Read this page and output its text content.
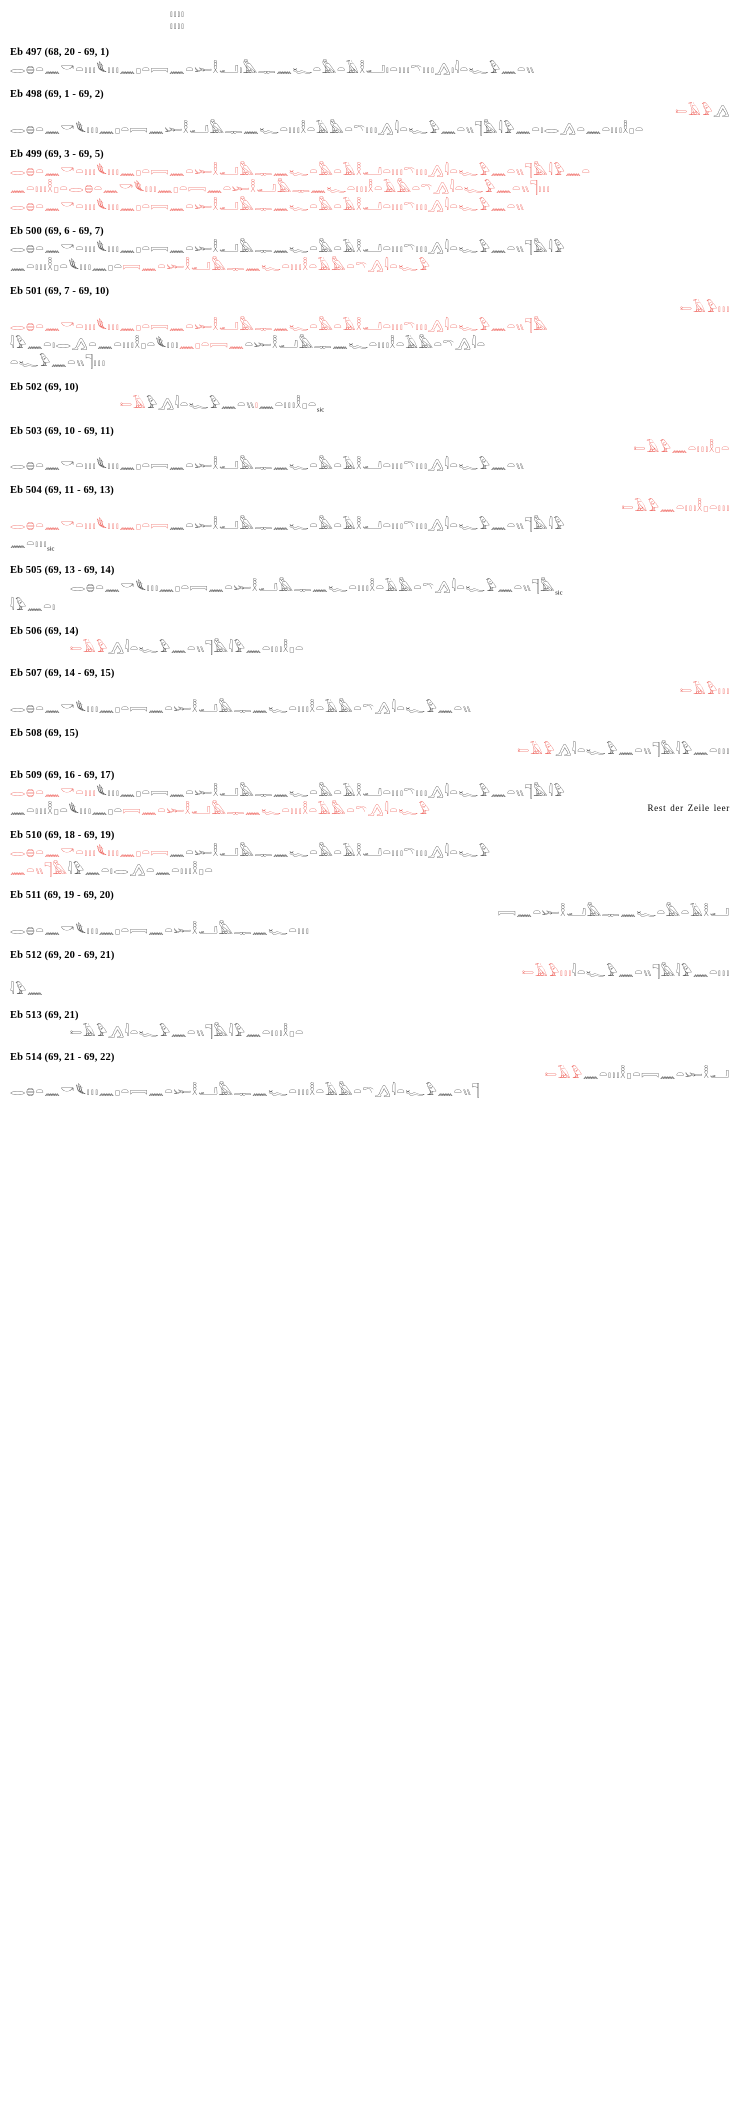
𓏤𓏤𓏤𓏤
𓏤𓏤𓏤𓏤
Eb 497 (68, 20 - 69, 1)
𓂋𓐍𓏏𓈖𓎡𓏏𓏥𓆰𓏥𓈖𓊪𓏏𓇯𓈖𓏏𓆱𓎛𓂝𓏤𓅓𓊃𓈖𓆑𓏏𓅓𓏏𓄿𓎛𓂝𓏤𓏏𓏥𓍼𓏥𓂻𓏤𓇋𓏏𓆑𓅱𓈖𓏏𓏭
Eb 498 (69, 1 - 69, 2)
𓍿𓄿𓅱𓂻
𓂋𓐍𓏏𓈖𓎡𓆰𓏥𓈖𓊪𓏏𓇯𓈖𓆱𓎛𓂝𓅓𓊃𓈖𓆑𓏏𓏥𓎛𓏏𓄿𓅓𓏏𓍼𓏥𓂻𓇋𓏏𓆑𓅱𓈖𓏏𓏭𓊹𓅓𓇋𓅱𓈖𓏏𓏤𓂋𓂻𓏏𓈖𓏏𓏥𓎛𓊪𓏏
Eb 499 (69, 3 - 69, 5)
𓂋𓐍𓏏𓈖𓎡𓏏𓏥𓆰𓏥𓈖𓊪𓏏𓇯𓈖𓏏𓆱𓎛𓂝𓅓𓊃𓈖𓆑𓏏𓅓𓏏𓄿𓎛𓂝𓏏𓏥𓍼𓏥𓂻𓇋𓏏𓆑𓅱𓈖𓏏𓏭𓊹𓅓𓇋𓅱𓈖𓏏
𓈖𓏏𓏥𓎛𓊪𓏏𓂋𓐍𓏏𓈖𓎡𓆰𓏥𓈖𓊪𓏏𓇯𓈖𓏏𓆱𓎛𓂝𓅓𓊃𓈖𓆑𓏏𓏥𓎛𓏏𓄿𓅓𓏏𓍼𓂻𓇋𓏏𓆑𓅱𓈖𓏏𓏭𓊹𓏥
𓂋𓐍𓏏𓈖𓎡𓏏𓏥𓆰𓏥𓈖𓊪𓏏𓇯𓈖𓏏𓆱𓎛𓂝𓅓𓊃𓈖𓆑𓏏𓅓𓏏𓄿𓎛𓂝𓏏𓏥𓍼𓏥𓂻𓇋𓏏𓆑𓅱𓈖𓏏𓏭
Eb 500 (69, 6 - 69, 7)
𓂋𓐍𓏏𓈖𓎡𓏏𓏥𓆰𓏥𓈖𓊪𓏏𓇯𓈖𓏏𓆱𓎛𓂝𓅓𓊃𓈖𓆑𓏏𓅓𓏏𓄿𓎛𓂝𓏏𓏥𓍼𓏥𓂻𓇋𓏏𓆑𓅱𓈖𓏏𓏭𓊹𓅓𓇋𓅱
𓈖𓏏𓏥𓎛𓊪𓏏𓆰𓏥𓈖𓊪𓏏𓇯𓈖𓏏𓆱𓎛𓂝𓅓𓊃𓈖𓆑𓏏𓏥𓎛𓏏𓄿𓅓𓏏𓍼𓂻𓇋𓏏𓆑𓅱
Eb 501 (69, 7 - 69, 10)
𓍿𓄿𓅱𓏥
𓂋𓐍𓏏𓈖𓎡𓏏𓏥𓆰𓏥𓈖𓊪𓏏𓇯𓈖𓏏𓆱𓎛𓂝𓅓𓊃𓈖𓆑𓏏𓅓𓏏𓄿𓎛𓂝𓏏𓏥𓍼𓏥𓂻𓇋𓏏𓆑𓅱𓈖𓏏𓏭𓊹𓅓
𓇋𓅱𓈖𓏏𓏤𓂋𓂻𓏏𓈖𓏏𓏥𓎛𓊪𓏏𓆰𓏥𓈖𓊪𓏏𓇯𓈖𓏏𓆱𓎛𓂝𓅓𓊃𓈖𓆑𓏏𓏥𓎛𓏏𓄿𓅓𓏏𓍼𓂻𓇋𓏏
𓏏𓆑𓅱𓈖𓏏𓏭𓊹𓏥
Eb 502 (69, 10)
𓍿𓄿𓅱𓂻𓇋𓏏𓆑𓅱𓈖𓏏𓏭𓏤𓈖𓏏𓏥𓎛𓊪𓏏$_{sic}$
Eb 503 (69, 10 - 69, 11)
𓍿𓄿𓅱𓈖𓏏𓏥𓎛𓊪𓏏
𓂋𓐍𓏏𓈖𓎡𓏏𓏥𓆰𓏥𓈖𓊪𓏏𓇯𓈖𓏏𓆱𓎛𓂝𓅓𓊃𓈖𓆑𓏏𓅓𓏏𓄿𓎛𓂝𓏏𓏥𓍼𓏥𓂻𓇋𓏏𓆑𓅱𓈖𓏏𓏭
Eb 504 (69, 11 - 69, 13)
𓍿𓄿𓅱𓈖𓏏𓏥𓎛𓊪𓏏𓏥
𓂋𓐍𓏏𓈖𓎡𓏏𓏥𓆰𓏥𓈖𓊪𓏏𓇯𓈖𓏏𓆱𓎛𓂝𓅓𓊃𓈖𓆑𓏏𓅓𓏏𓄿𓎛𓂝𓏏𓏥𓍼𓏥𓂻𓇋𓏏𓆑𓅱𓈖𓏏𓏭𓊹𓅓𓇋𓅱
𓈖𓏏𓏥$_{sic}$
Eb 505 (69, 13 - 69, 14)
𓂋𓐍𓏏𓈖𓎡𓆰𓏥𓈖𓊪𓏏𓇯𓈖𓏏𓆱𓎛𓂝𓅓𓊃𓈖𓆑𓏏𓏥𓎛𓏏𓄿𓅓𓏏𓍼𓂻𓇋𓏏𓆑𓅱𓈖𓏏𓏭𓊹𓅓$_{sic}$
𓇋𓅱𓈖𓏏𓏤
Eb 506 (69, 14)
𓍿𓄿𓅱𓂻𓇋𓏏𓆑𓅱𓈖𓏏𓏭𓊹𓅓𓇋𓅱𓈖𓏏𓏥𓎛𓊪𓏏
Eb 507 (69, 14 - 69, 15)
𓍿𓄿𓅱𓏥
𓂋𓐍𓏏𓈖𓎡𓆰𓏥𓈖𓊪𓏏𓇯𓈖𓏏𓆱𓎛𓂝𓅓𓊃𓈖𓆑𓏏𓏥𓎛𓏏𓄿𓅓𓏏𓍼𓂻𓇋𓏏𓆑𓅱𓈖𓏏𓏭
Eb 508 (69, 15)
𓍿𓄿𓅱𓂻𓇋𓏏𓆑𓅱𓈖𓏏𓏭𓊹𓅓𓇋𓅱𓈖𓏏𓏥
Eb 509 (69, 16 - 69, 17)
𓂋𓐍𓏏𓈖𓎡𓏏𓏥𓆰𓏥𓈖𓊪𓏏𓇯𓈖𓏏𓆱𓎛𓂝𓅓𓊃𓈖𓆑𓏏𓅓𓏏𓄿𓎛𓂝𓏏𓏥𓍼𓏥𓂻𓇋𓏏𓆑𓅱𓈖𓏏𓏭𓊹𓅓𓇋𓅱
𓈖𓏏𓏥𓎛𓊪𓏏𓆰𓏥𓈖𓊪𓏏𓇯𓈖𓏏𓆱𓎛𓂝𓅓𓊃𓈖𓆑𓏏𓏥𓎛𓏏𓄿𓅓𓏏𓍼𓂻𓇋𓏏𓆑𓅱	Rest der Zeile leer
Eb 510 (69, 18 - 69, 19)
𓂋𓐍𓏏𓈖𓎡𓏏𓏥𓆰𓏥𓈖𓊪𓏏𓇯𓈖𓏏𓆱𓎛𓂝𓅓𓊃𓈖𓆑𓏏𓅓𓏏𓄿𓎛𓂝𓏏𓏥𓍼𓏥𓂻𓇋𓏏𓆑𓅱
𓈖𓏏𓏭𓊹𓅓𓇋𓅱𓈖𓏏𓏤𓂋𓂻𓏏𓈖𓏏𓏥𓎛𓊪𓏏
Eb 511 (69, 19 - 69, 20)
𓇯𓈖𓏏𓆱𓎛𓂝𓅓𓊃𓈖𓆑𓏏𓅓𓏏𓄿𓎛𓂝
𓂋𓐍𓏏𓈖𓎡𓆰𓏥𓈖𓊪𓏏𓇯𓈖𓏏𓆱𓎛𓂝𓅓𓊃𓈖𓆑𓏏𓏥
Eb 512 (69, 20 - 69, 21)
𓍿𓄿𓅱𓏥𓇋𓏏𓆑𓅱𓈖𓏏𓏭𓊹𓅓𓇋𓅱𓈖𓏏𓏥
𓇋𓅱𓈖
Eb 513 (69, 21)
𓍿𓄿𓅱𓂻𓇋𓏏𓆑𓅱𓈖𓏏𓏭𓊹𓅓𓇋𓅱𓈖𓏏𓏥𓎛𓊪𓏏
Eb 514 (69, 21 - 69, 22)
𓍿𓄿𓅱𓈖𓏏𓏥𓎛𓊪𓏏𓇯𓈖𓏏𓆱𓎛𓂝
𓂋𓐍𓏏𓈖𓎡𓆰𓏥𓈖𓊪𓏏𓇯𓈖𓏏𓆱𓎛𓂝𓅓𓊃𓈖𓆑𓏏𓏥𓎛𓏏𓄿𓅓𓏏𓍼𓂻𓇋𓏏𓆑𓅱𓈖𓏏𓏭𓊹
